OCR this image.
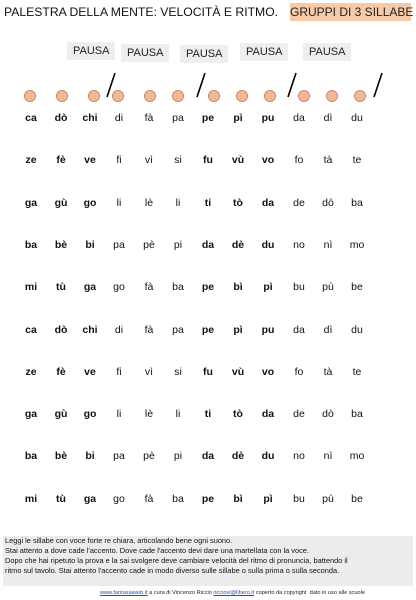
PALESTRA DELLA MENTE: VELOCITÀ E RITMO. GRUPPI DI 3 SILLABE
PAUSA	PAUSA	PAUSA	PAUSA	PAUSA
ca	dò	chi	di	fà	pa	pe	pì	pu	da	dì	du
ze	fè	ve	fi	vì	si	fu	vù	vo	fo	tà	te
ga	gù	go	li	lè	li	ti	tò	da	de	dò	ba
ba	bè	bi	pa	pè	pi	da	dè	du	no	nì	mo
mi	tù	ga	go	fà	ba	pe	bì	pì	bu	pù	be
ca	dò	chi	di	fà	pa	pe	pì	pu	da	dì	du
ze	fè	ve	fi	vì	si	fu	vù	vo	fo	tà	te
ga	gù	go	li	lè	li	ti	tò	da	de	dò	ba
ba	bè	bi	pa	pè	pi	da	dè	du	no	nì	mo
mi	tù	ga	go	fà	ba	pe	bì	pì	bu	pù	be
Leggi le sillabe con voce forte re chiara, articolando bene ogni suono.
Stai attento a dove cade l'accento. Dove cade l'accento devi dare una martellata con la voce.
Dopo che hai ripetuto la prova e la sai svolgere deve cambiare velocità del ritmo di pronuncia, battendo il
ritmo sul tavolo. Stai attento l'accento cade in modo diverso sulle sillabe o sulla prima o sulla seconda.
www.fantasiaweb.it a cura di Vincenzo Riccio ricciovi@libero.it coperto da copyright dato in uso alle scuole
